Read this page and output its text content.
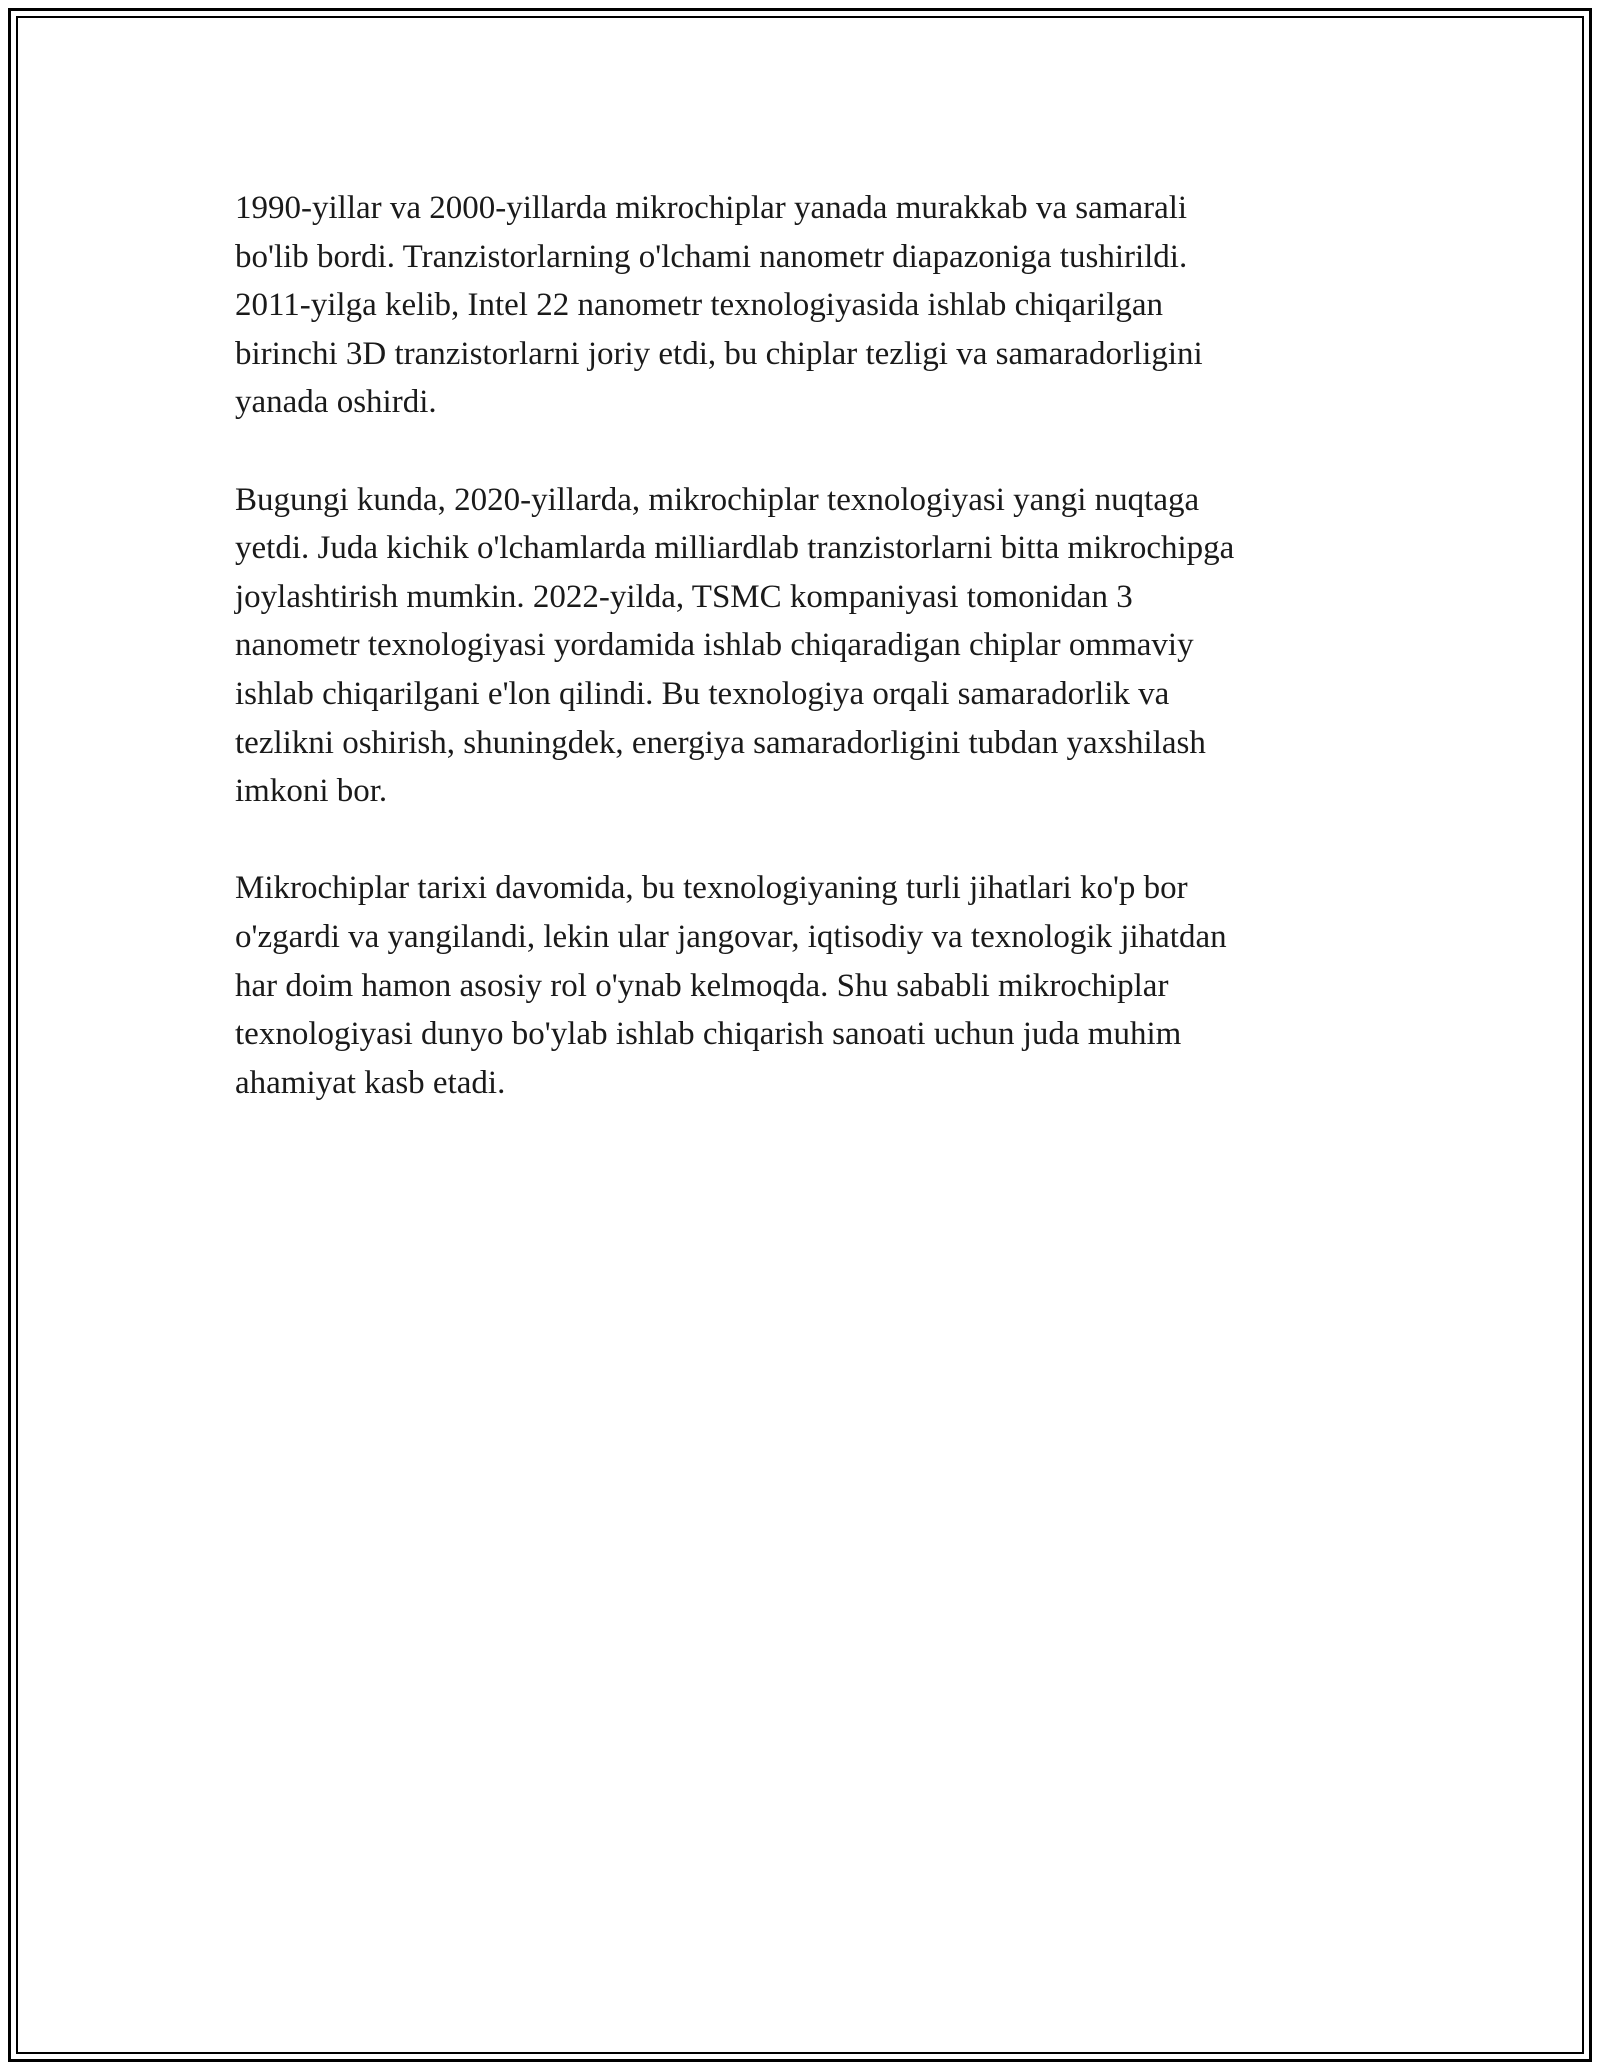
1990-yillar va 2000-yillarda mikrochiplar yanada murakkab va samarali
bo'lib bordi. Tranzistorlarning o'lchami nanometr diapazoniga tushirildi.
2011-yilga kelib, Intel 22 nanometr texnologiyasida ishlab chiqarilgan
birinchi 3D tranzistorlarni joriy etdi, bu chiplar tezligi va samaradorligini
yanada oshirdi.

Bugungi kunda, 2020-yillarda, mikrochiplar texnologiyasi yangi nuqtaga
yetdi. Juda kichik o'lchamlarda milliardlab tranzistorlarni bitta mikrochipga
joylashtirish mumkin. 2022-yilda, TSMC kompaniyasi tomonidan 3
nanometr texnologiyasi yordamida ishlab chiqaradigan chiplar ommaviy
ishlab chiqarilgani e'lon qilindi. Bu texnologiya orqali samaradorlik va
tezlikni oshirish, shuningdek, energiya samaradorligini tubdan yaxshilash
imkoni bor.

Mikrochiplar tarixi davomida, bu texnologiyaning turli jihatlari ko'p bor
o'zgardi va yangilandi, lekin ular jangovar, iqtisodiy va texnologik jihatdan
har doim hamon asosiy rol o'ynab kelmoqda. Shu sababli mikrochiplar
texnologiyasi dunyo bo'ylab ishlab chiqarish sanoati uchun juda muhim
ahamiyat kasb etadi.
